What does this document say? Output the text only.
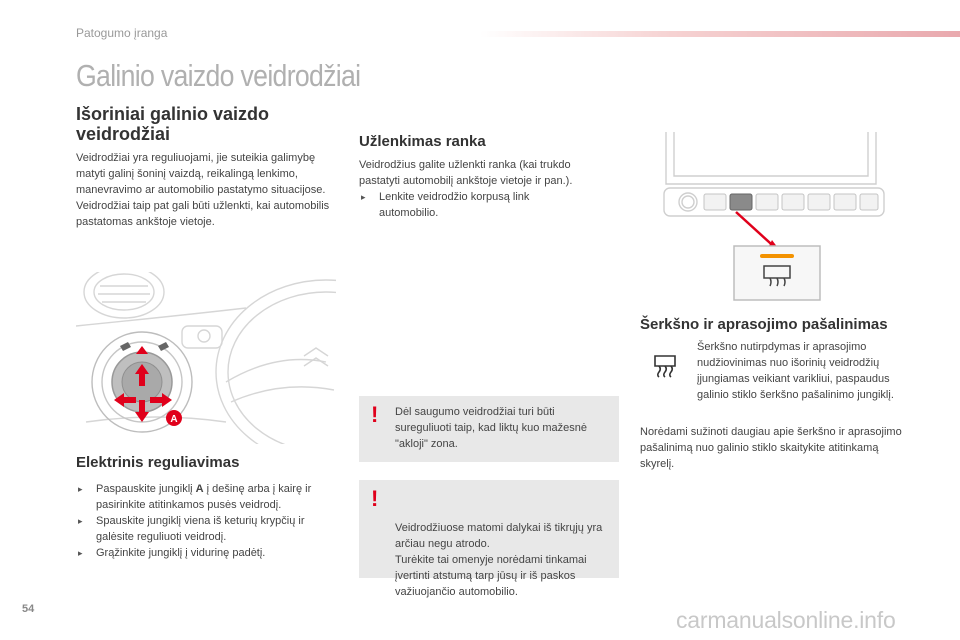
Patogumo įranga
Galinio vaizdo veidrodžiai
Išoriniai galinio vaizdo veidrodžiai

Veidrodžiai yra reguliuojami, jie suteikia galimybę matyti galinį šoninį vaizdą, reikalingą lenkimo, manevravimo ar automobilio pastatymo situacijose. Veidrodžiai taip pat gali būti užlenkti, kai automobilis pastatomas ankštoje vietoje.

A
Elektrinis reguliavimas
▸ Paspauskite jungiklį A į dešinę arba į kairę ir pasirinkite atitinkamos pusės veidrodį.
▸ Spauskite jungiklį viena iš keturių krypčių ir galėsite reguliuoti veidrodį.
▸ Grąžinkite jungiklį į vidurinę padėtį.
Užlenkimas ranka

Veidrodžius galite užlenkti ranka (kai trukdo pastatyti automobilį ankštoje vietoje ir pan.).

▸ Lenkite veidrodžio korpusą link automobilio.
! Dėl saugumo veidrodžiai turi būti sureguliuoti taip, kad liktų kuo mažesnė "akloji" zona.

!

Veidrodžiuose matomi dalykai iš tikrųjų yra arčiau negu atrodo.
Turėkite tai omenyje norėdami tinkamai įvertinti atstumą tarp jūsų ir iš paskos važiuojančio automobilio.

Šerkšno ir aprasojimo pašalinimas

Šerkšno nutirpdymas ir aprasojimo nudžiovinimas nuo išorinių veidrodžių įjungiamas veikiant varikliui, paspaudus galinio stiklo šerkšno pašalinimo jungiklį.

Norėdami sužinoti daugiau apie šerkšno ir aprasojimo pašalinimą nuo galinio stiklo skaitykite atitinkamą skyrelį.

54	carmanualsonline.info
